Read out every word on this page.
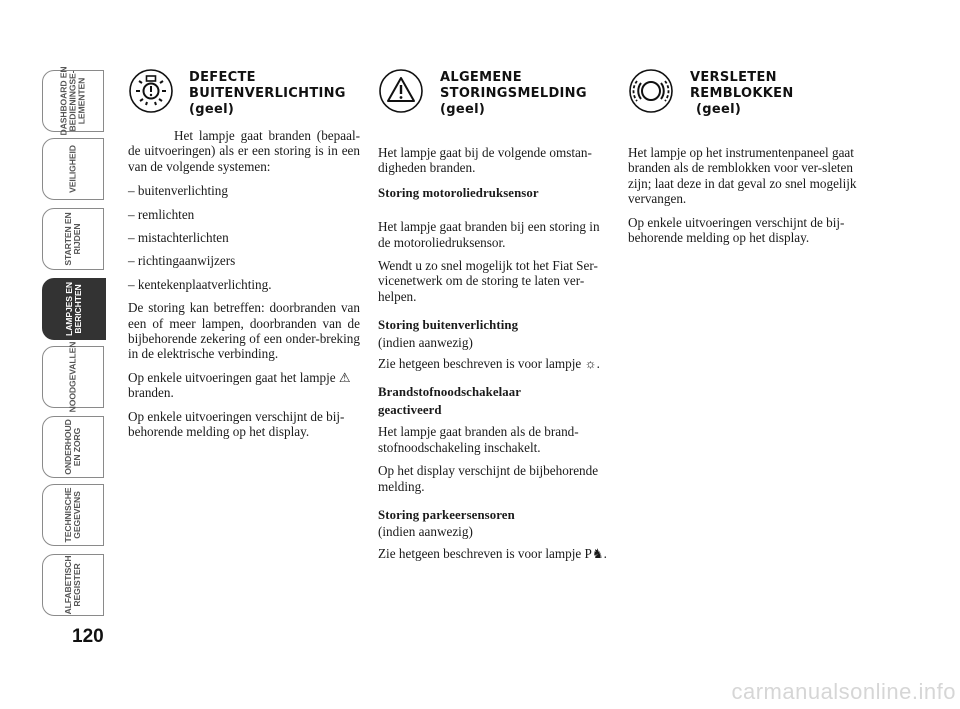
DASHBOARD EN
BEDIENINGSE-
LEMENTEN
VEILIGHEID
STARTEN EN
RIJDEN
LAMPJES EN
BERICHTEN
NOODGEVALLEN
ONDERHOUD
EN ZORG
TECHNISCHE
GEGEVENS
ALFABETISCH
REGISTER
120
DEFECTE
BUITENVERLICHTING
(geel)

Het lampje gaat branden (bepaal-de uitvoeringen) als er een storing is in een van de volgende systemen:

– buitenverlichting

– remlichten

– mistachterlichten

– richtingaanwijzers

– kentekenplaatverlichting.

De storing kan betreffen: doorbranden van een of meer lampen, doorbranden van de bijbehorende zekering of een onder-breking in de elektrische verbinding.

Op enkele uitvoeringen gaat het lampje ⚠ branden.

Op enkele uitvoeringen verschijnt de bij-behorende melding op het display.

ALGEMENE
STORINGSMELDING
(geel)

Het lampje gaat bij de volgende omstan-digheden branden.

Storing motoroliedruksensor

Het lampje gaat branden bij een storing in de motoroliedruksensor.

Wendt u zo snel mogelijk tot het Fiat Ser-vicenetwerk om de storing te laten ver-helpen.

Storing buitenverlichting

(indien aanwezig)

Zie hetgeen beschreven is voor lampje ☼.

Brandstofnoodschakelaar
geactiveerd

Het lampje gaat branden als de brand-stofnoodschakeling inschakelt.

Op het display verschijnt de bijbehorende melding.

Storing parkeersensoren

(indien aanwezig)

Zie hetgeen beschreven is voor lampje P♞.

VERSLETEN
REMBLOKKEN
(geel)

Het lampje op het instrumentenpaneel gaat branden als de remblokken voor ver-sleten zijn; laat deze in dat geval zo snel mogelijk vervangen.

Op enkele uitvoeringen verschijnt de bij-behorende melding op het display.

carmanualsonline.info
